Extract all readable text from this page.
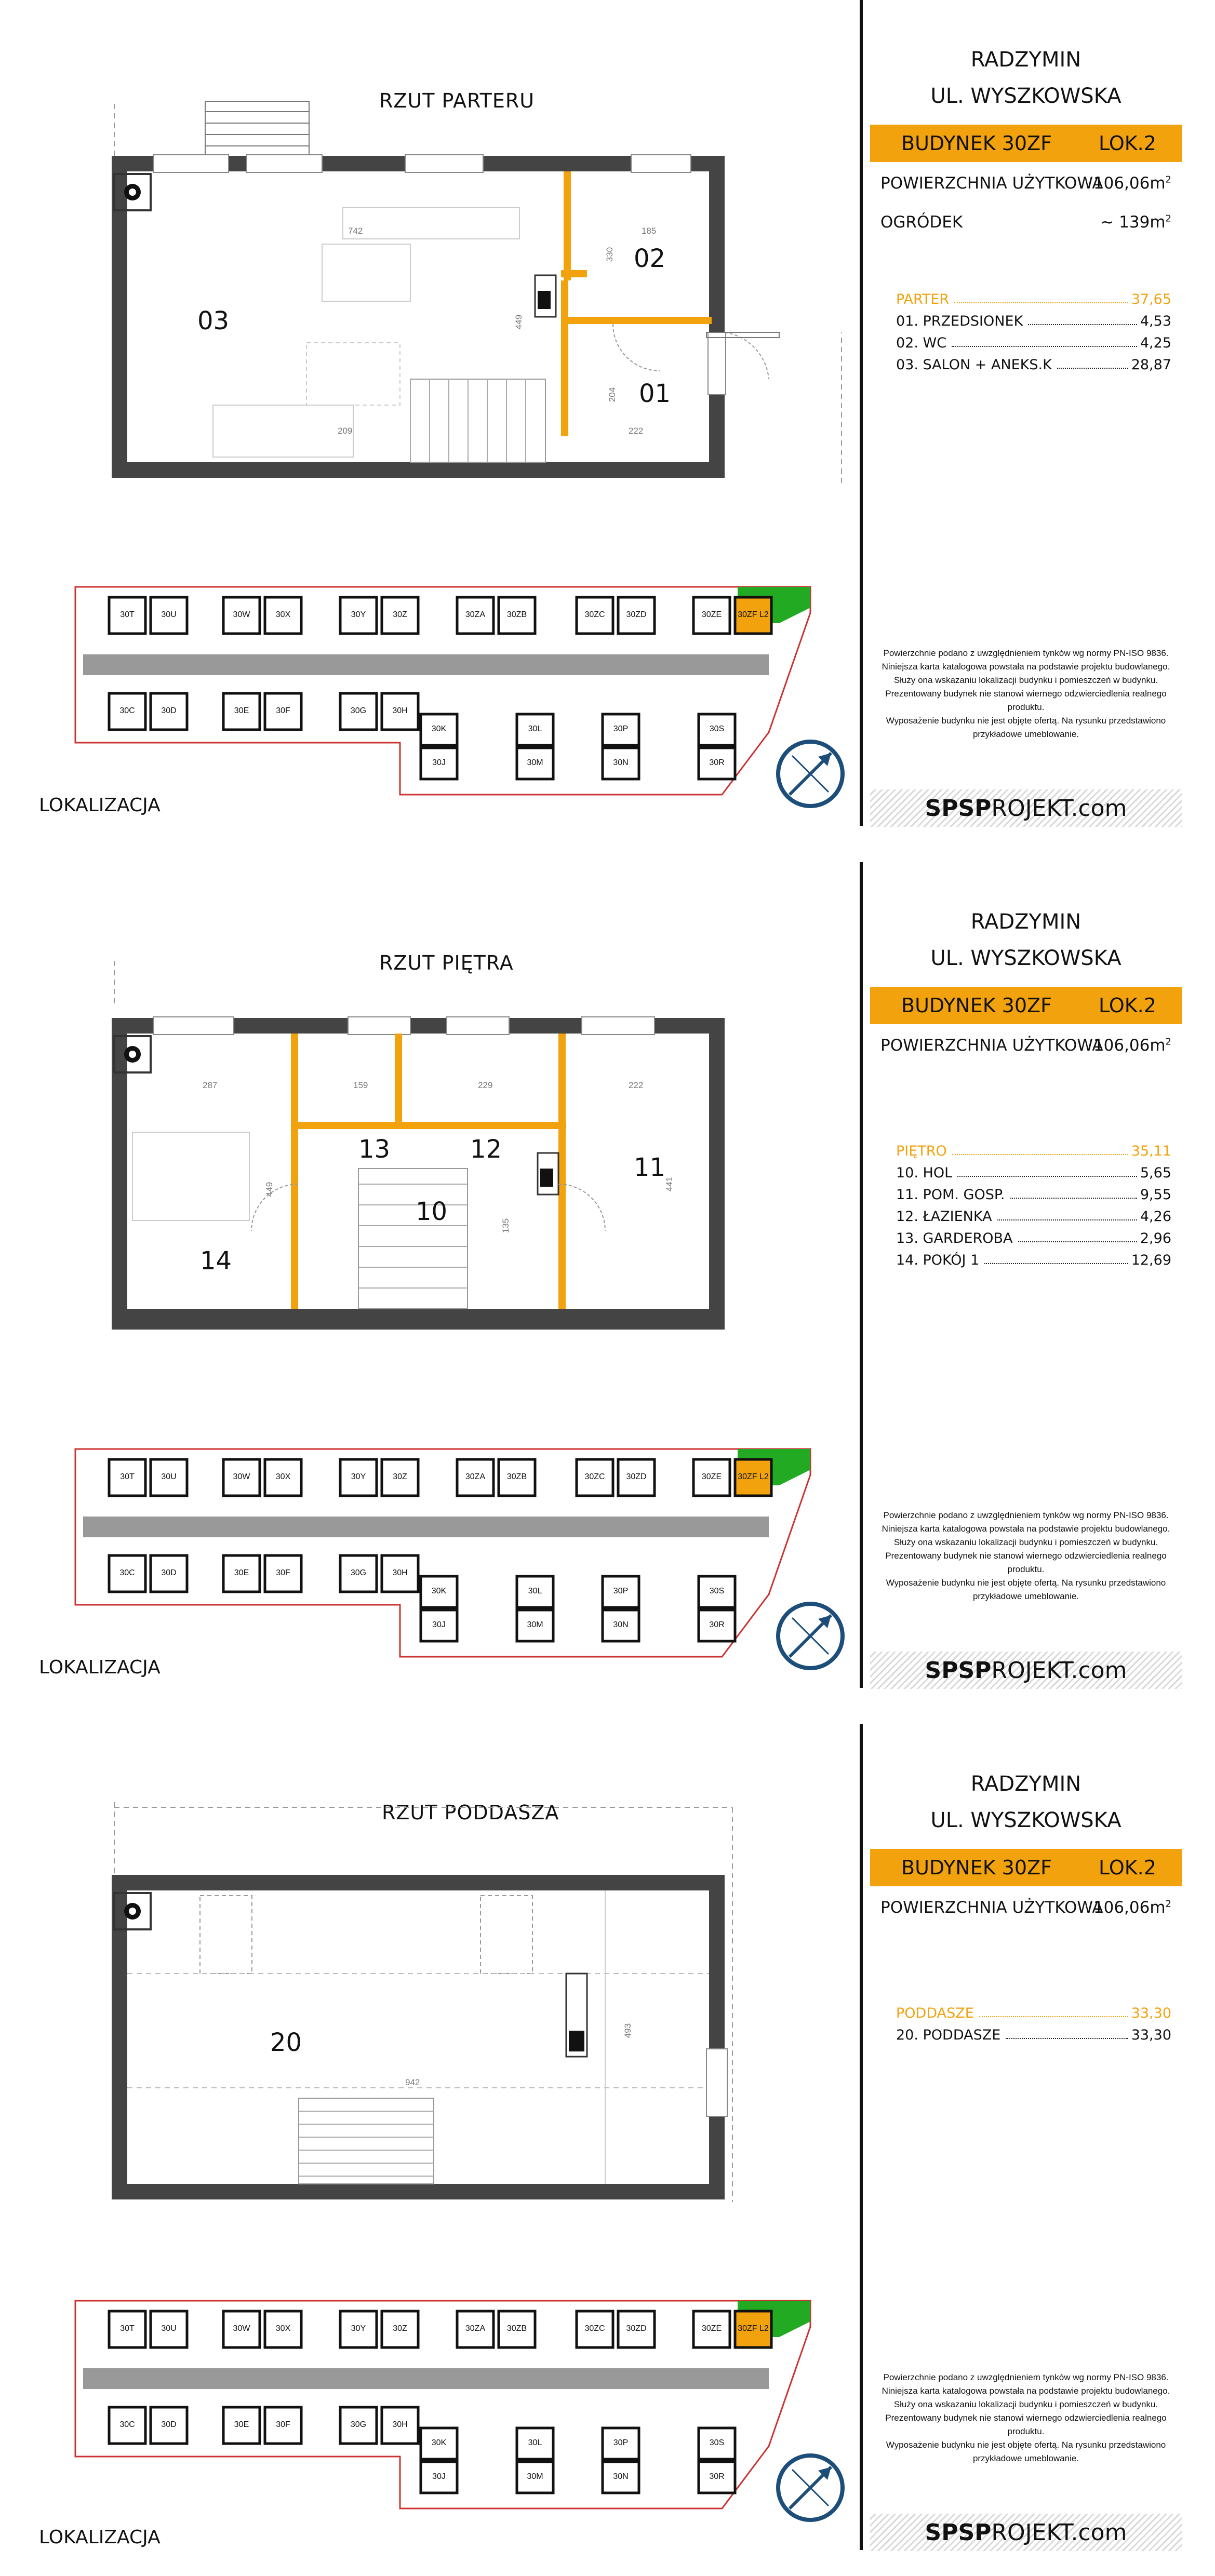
RZUT PARTERU
RADZYMIN
UL. WYSZKOWSKA
BUDYNEK 30ZF LOK.2
POWIERZCHNIA UŻYTKOWA
$106,06m^2$
OGRÓDEK	~ $139m^2$
PARTER	37,65
01. PRZEDSIONEK	4,53
02. WC	4,25
03. SALON + ANEKS.K	28,87
Powierzchnie podano z uwzględnieniem tynków wg normy PN-ISO 9836.
Niniejsza karta katalogowa powstała na podstawie projektu budowlanego.
Służy ona wskazaniu lokalizacji budynku i pomieszczeń w budynku.
Prezentowany budynek nie stanowi wiernego odzwierciedlenia realnego produktu.
Wyposażenie budynku nie jest objęte ofertą. Na rysunku przedstawiono
przykładowe umeblowanie.
SPSP ROJEKT.com
03
02
01
742	185
330
449
204
222
209
30T	30U	30W	30X	30Y	30Z	30ZA	30ZB	30ZC	30ZD	30ZE	30ZF L2
30C	30D	30E	30F	30G	30H
30K
30J
30L
30M
30P
30N
30S
30R
LOKALIZACJA
RZUT PIĘTRA
RADZYMIN
UL. WYSZKOWSKA
BUDYNEK 30ZF LOK.2
POWIERZCHNIA UŻYTKOWA
$106,06m^2$
PIĘTRO	35,11
10. HOL	5,65
11. POM. GOSP.	9,55
12. ŁAZIENKA	4,26
13. GARDEROBA	2,96
14. POKÓJ 1	12,69
Powierzchnie podano z uwzględnieniem tynków wg normy PN-ISO 9836.
Niniejsza karta katalogowa powstała na podstawie projektu budowlanego.
Służy ona wskazaniu lokalizacji budynku i pomieszczeń w budynku.
Prezentowany budynek nie stanowi wiernego odzwierciedlenia realnego produktu.
Wyposażenie budynku nie jest objęte ofertą. Na rysunku przedstawiono
przykładowe umeblowanie.
SPSP ROJEKT.com
13	12
11
10
14
287	159	229	222
449	441
135
30T	30U	30W	30X	30Y	30Z	30ZA	30ZB	30ZC	30ZD	30ZE	30ZF L2
30C	30D	30E	30F	30G	30H
30K
30J
30L
30M
30P
30N
30S
30R
LOKALIZACJA
RZUT PODDASZA
RADZYMIN
UL. WYSZKOWSKA
BUDYNEK 30ZF LOK.2
POWIERZCHNIA UŻYTKOWA
$106,06m^2$
PODDASZE	33,30
20. PODDASZE	33,30
Powierzchnie podano z uwzględnieniem tynków wg normy PN-ISO 9836.
Niniejsza karta katalogowa powstała na podstawie projektu budowlanego.
Służy ona wskazaniu lokalizacji budynku i pomieszczeń w budynku.
Prezentowany budynek nie stanowi wiernego odzwierciedlenia realnego produktu.
Wyposażenie budynku nie jest objęte ofertą. Na rysunku przedstawiono
przykładowe umeblowanie.
SPSP ROJEKT.com
20
942
493
30T	30U	30W	30X	30Y	30Z	30ZA	30ZB	30ZC	30ZD	30ZE	30ZF L2
30C	30D	30E	30F	30G	30H
30K
30J
30L
30M
30P
30N
30S
30R
LOKALIZACJA
